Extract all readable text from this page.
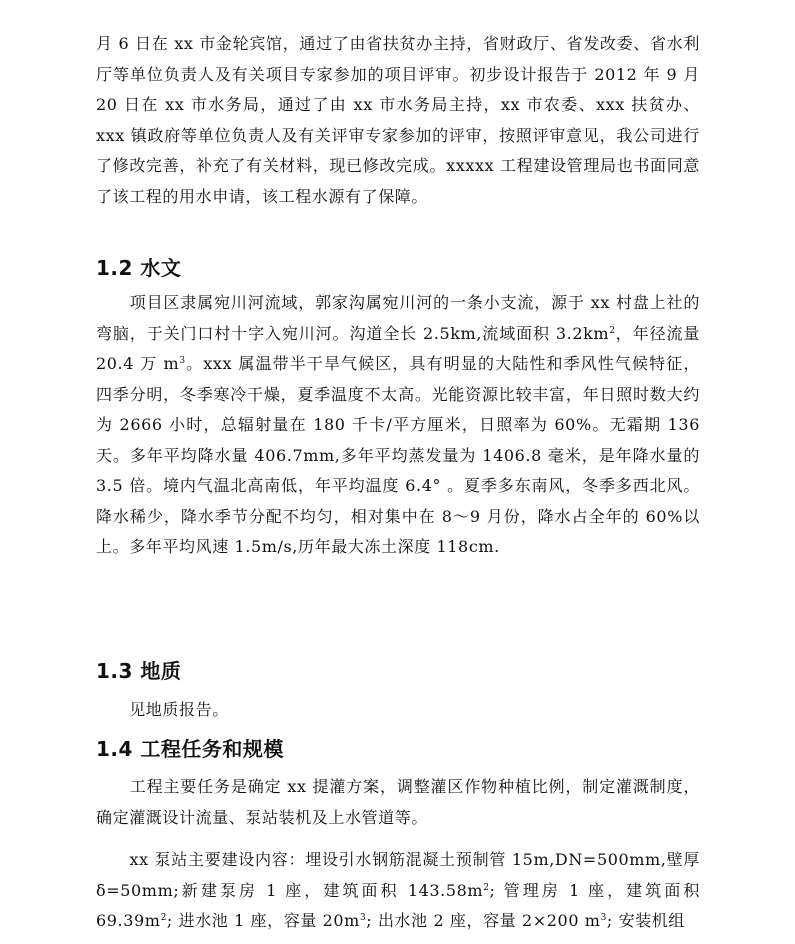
月 6 日在 xx 市金轮宾馆，通过了由省扶贫办主持，省财政厅、省发改委、省水利厅等单位负责人及有关项目专家参加的项目评审。初步设计报告于 2012 年 9 月 20 日在 xx 市水务局，通过了由 xx 市水务局主持，xx 市农委、xxx 扶贫办、xxx 镇政府等单位负责人及有关评审专家参加的评审，按照评审意见，我公司进行了修改完善，补充了有关材料，现已修改完成。xxxxx 工程建设管理局也书面同意了该工程的用水申请，该工程水源有了保障。
1.2 水文
　　项目区隶属宛川河流域，郭家沟属宛川河的一条小支流，源于 xx 村盘上社的弯脑，于关门口村十字入宛川河。沟道全长 2.5km,流域面积 $3.2km^2$，年径流量 20.4 万 $m^3$。xxx 属温带半干旱气候区，具有明显的大陆性和季风性气候特征，四季分明，冬季寒冷干燥，夏季温度不太高。光能资源比较丰富，年日照时数大约为 2666 小时，总辐射量在 180 千卡/平方厘米，日照率为 60%。无霜期 136 天。多年平均降水量 406.7mm,多年平均蒸发量为 1406.8 毫米，是年降水量的 3.5 倍。境内气温北高南低，年平均温度 6.4° 。夏季多东南风，冬季多西北风。降水稀少，降水季节分配不均匀，相对集中在 8～9 月份，降水占全年的 60%以上。多年平均风速 1.5m/s,历年最大冻土深度 118cm.
1.3 地质
　　见地质报告。
1.4 工程任务和规模
　　工程主要任务是确定 xx 提灌方案，调整灌区作物种植比例，制定灌溉制度，确定灌溉设计流量、泵站装机及上水管道等。
　　xx 泵站主要建设内容：埋设引水钢筋混凝土预制管 15m,DN=500mm,壁厚 δ=50mm;新建泵房 1 座，建筑面积 $143.58m^2$; 管理房 1 座，建筑面积 $69.39m^2$; 进水池 1 座，容量 $20m^3$; 出水池 2 座，容量 2×200 $m^3$; 安装机组
